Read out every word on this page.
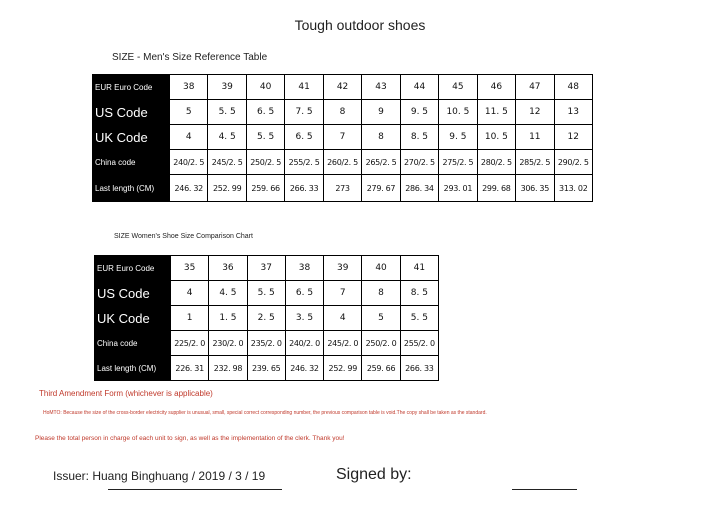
Tough outdoor shoes
SIZE - Men's Size Reference Table
EUR Euro Code	38	39	40	41	42	43	44	45	46	47	48
US Code	5	5. 5	6. 5	7. 5	8	9	9. 5	10. 5	11. 5	12	13
UK Code	4	4. 5	5. 5	6. 5	7	8	8. 5	9. 5	10. 5	11	12
China code	240/2. 5	245/2. 5	250/2. 5	255/2. 5	260/2. 5	265/2. 5	270/2. 5	275/2. 5	280/2. 5	285/2. 5	290/2. 5
Last length (CM)	246. 32	252. 99	259. 66	266. 33	273	279. 67	286. 34	293. 01	299. 68	306. 35	313. 02
SIZE Women's Shoe Size Comparison Chart
EUR Euro Code	35	36	37	38	39	40	41
US Code	4	4. 5	5. 5	6. 5	7	8	8. 5
UK Code	1	1. 5	2. 5	3. 5	4	5	5. 5
China code	225/2. 0	230/2. 0	235/2. 0	240/2. 0	245/2. 0	250/2. 0	255/2. 0
Last length (CM)	226. 31	232. 98	239. 65	246. 32	252. 99	259. 66	266. 33
Third Amendment Form (whichever is applicable)
HoMTO: Because the size of the cross-border electricity supplier is unusual, small, special correct corresponding number, the previous comparison table is void.The copy shall be taken as the standard.
Please the total person in charge of each unit to sign, as well as the implementation of the clerk. Thank you!
Issuer: Huang Binghuang / 2019 / 3 / 19	Signed by:
